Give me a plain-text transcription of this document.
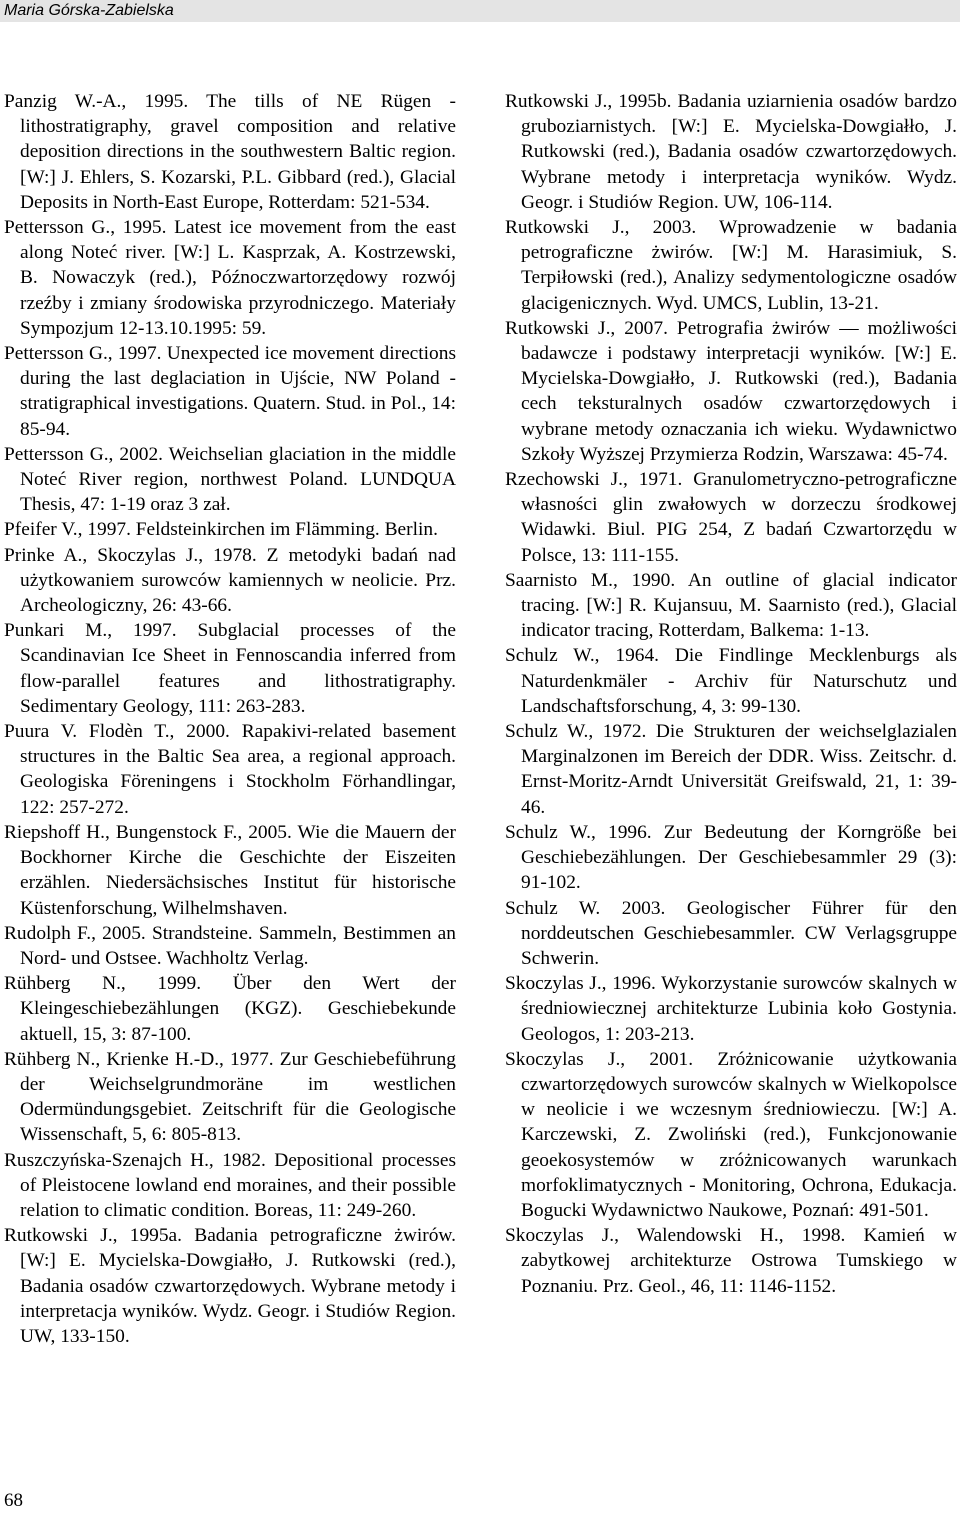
Maria Górska-Zabielska

Panzig W.-A., 1995. The tills of NE Rügen - lithostratigraphy, gravel composition and relative deposition directions in the southwestern Baltic region. [W:] J. Ehlers, S. Kozarski, P.L. Gibbard (red.), Glacial Deposits in North-East Europe, Rotterdam: 521-534.

Pettersson G., 1995. Latest ice movement from the east along Noteć river. [W:] L. Kasprzak, A. Kostrzewski, B. Nowaczyk (red.), Późnoczwartorzędowy rozwój rzeźby i zmiany środowiska przyrodniczego. Materiały Sympozjum 12-13.10.1995: 59.

Pettersson G., 1997. Unexpected ice movement directions during the last deglaciation in Ujście, NW Poland - stratigraphical investigations. Quatern. Stud. in Pol., 14: 85-94.

Pettersson G., 2002. Weichselian glaciation in the middle Noteć River region, northwest Poland. LUNDQUA Thesis, 47: 1-19 oraz 3 zał.

Pfeifer V., 1997. Feldsteinkirchen im Flämming. Berlin.

Prinke A., Skoczylas J., 1978. Z metodyki badań nad użytkowaniem surowców kamiennych w neolicie. Prz. Archeologiczny, 26: 43-66.

Punkari M., 1997. Subglacial processes of the Scandinavian Ice Sheet in Fennoscandia inferred from flow-parallel features and lithostratigraphy. Sedimentary Geology, 111: 263-283.

Puura V. Flodèn T., 2000. Rapakivi-related basement structures in the Baltic Sea area, a regional approach. Geologiska Föreningens i Stockholm Förhandlingar, 122: 257-272.

Riepshoff H., Bungenstock F., 2005. Wie die Mauern der Bockhorner Kirche die Geschichte der Eiszeiten erzählen. Niedersächsisches Institut für historische Küstenforschung, Wilhelmshaven.

Rudolph F., 2005. Strandsteine. Sammeln, Bestimmen an Nord- und Ostsee. Wachholtz Verlag.

Rühberg N., 1999. Über den Wert der Kleingeschiebezählungen (KGZ). Geschiebekunde aktuell, 15, 3: 87-100.

Rühberg N., Krienke H.-D., 1977. Zur Geschiebeführung der Weichselgrundmoräne im westlichen Odermündungsgebiet. Zeitschrift für die Geologische Wissenschaft, 5, 6: 805-813.

Ruszczyńska-Szenajch H., 1982. Depositional processes of Pleistocene lowland end moraines, and their possible relation to climatic condition. Boreas, 11: 249-260.

Rutkowski J., 1995a. Badania petrograficzne żwirów. [W:] E. Mycielska-Dowgiałło, J. Rutkowski (red.), Badania osadów czwartorzędowych. Wybrane metody i interpretacja wyników. Wydz. Geogr. i Studiów Region. UW, 133-150.

Rutkowski J., 1995b. Badania uziarnienia osadów bardzo gruboziarnistych. [W:] E. Mycielska-Dowgiałło, J. Rutkowski (red.), Badania osadów czwartorzędowych. Wybrane metody i interpretacja wyników. Wydz. Geogr. i Studiów Region. UW, 106-114.

Rutkowski J., 2003. Wprowadzenie w badania petrograficzne żwirów. [W:] M. Harasimiuk, S. Terpiłowski (red.), Analizy sedymentologiczne osadów glacigenicznych. Wyd. UMCS, Lublin, 13-21.

Rutkowski J., 2007. Petrografia żwirów — możliwości badawcze i podstawy interpretacji wyników. [W:] E. Mycielska-Dowgiałło, J. Rutkowski (red.), Badania cech teksturalnych osadów czwartorzędowych i wybrane metody oznaczania ich wieku. Wydawnictwo Szkoły Wyższej Przymierza Rodzin, Warszawa: 45-74.

Rzechowski J., 1971. Granulometryczno-petrograficzne własności glin zwałowych w dorzeczu środkowej Widawki. Biul. PIG 254, Z badań Czwartorzędu w Polsce, 13: 111-155.

Saarnisto M., 1990. An outline of glacial indicator tracing. [W:] R. Kujansuu, M. Saarnisto (red.), Glacial indicator tracing, Rotterdam, Balkema: 1-13.

Schulz W., 1964. Die Findlinge Mecklenburgs als Naturdenkmäler - Archiv für Naturschutz und Landschaftsforschung, 4, 3: 99-130.

Schulz W., 1972. Die Strukturen der weichselglazialen Marginalzonen im Bereich der DDR. Wiss. Zeitschr. d. Ernst-Moritz-Arndt Universität Greifswald, 21, 1: 39-46.

Schulz W., 1996. Zur Bedeutung der Korngröße bei Geschiebezählungen. Der Geschiebesammler 29 (3): 91-102.

Schulz W. 2003. Geologischer Führer für den norddeutschen Geschiebesammler. CW Verlagsgruppe Schwerin.

Skoczylas J., 1996. Wykorzystanie surowców skalnych w średniowiecznej architekturze Lubinia koło Gostynia. Geologos, 1: 203-213.

Skoczylas J., 2001. Zróżnicowanie użytkowania czwartorzędowych surowców skalnych w Wielkopolsce w neolicie i we wczesnym średniowieczu. [W:] A. Karczewski, Z. Zwoliński (red.), Funkcjonowanie geoekosystemów w zróżnicowanych warunkach morfoklimatycznych - Monitoring, Ochrona, Edukacja. Bogucki Wydawnictwo Naukowe, Poznań: 491-501.

Skoczylas J., Walendowski H., 1998. Kamień w zabytkowej architekturze Ostrowa Tumskiego w Poznaniu. Prz. Geol., 46, 11: 1146-1152.

68
